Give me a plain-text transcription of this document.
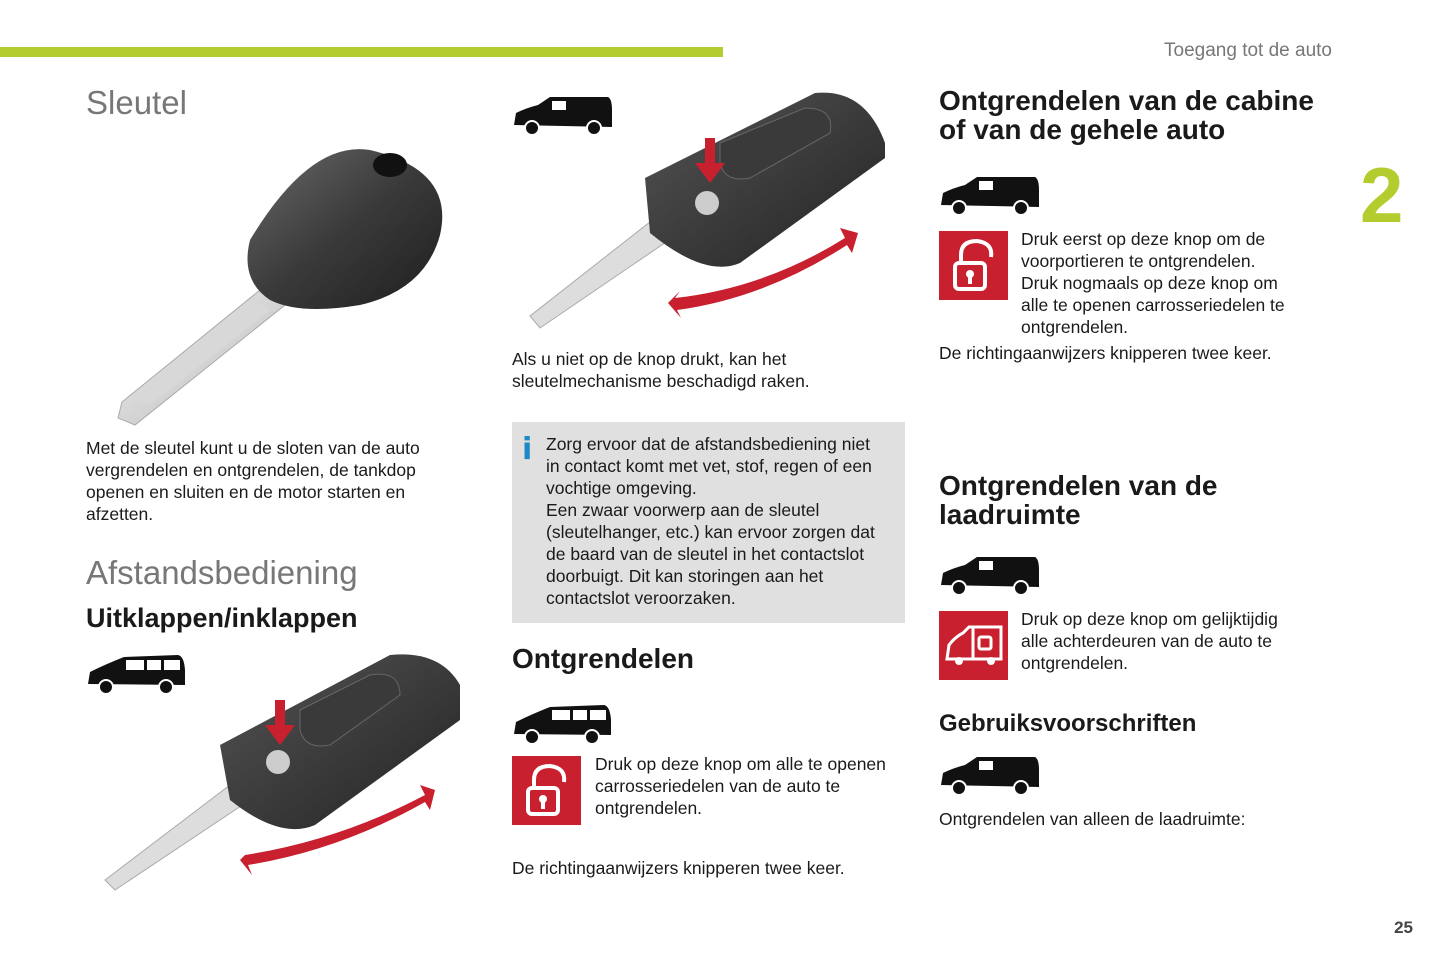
Toegang tot de auto
2
25
Sleutel
Met de sleutel kunt u de sloten van de auto
vergrendelen en ontgrendelen, de tankdop
openen en sluiten en de motor starten en
afzetten.
Afstandsbediening
Uitklappen/inklappen
Als u niet op de knop drukt, kan het
sleutelmechanisme beschadigd raken.
i Zorg ervoor dat de afstandsbediening niet
in contact komt met vet, stof, regen of een
vochtige omgeving.
Een zwaar voorwerp aan de sleutel
(sleutelhanger, etc.) kan ervoor zorgen dat
de baard van de sleutel in het contactslot
doorbuigt. Dit kan storingen aan het
contactslot veroorzaken.
Ontgrendelen
Druk op deze knop om alle te openen
carrosseriedelen van de auto te
ontgrendelen.
De richtingaanwijzers knipperen twee keer.
Ontgrendelen van de cabine
of van de gehele auto
Druk eerst op deze knop om de
voorportieren te ontgrendelen.
Druk nogmaals op deze knop om
alle te openen carrosseriedelen te
ontgrendelen.
De richtingaanwijzers knipperen twee keer.
Ontgrendelen van de
laadruimte
Druk op deze knop om gelijktijdig
alle achterdeuren van de auto te
ontgrendelen.
Gebruiksvoorschriften
Ontgrendelen van alleen de laadruimte:
